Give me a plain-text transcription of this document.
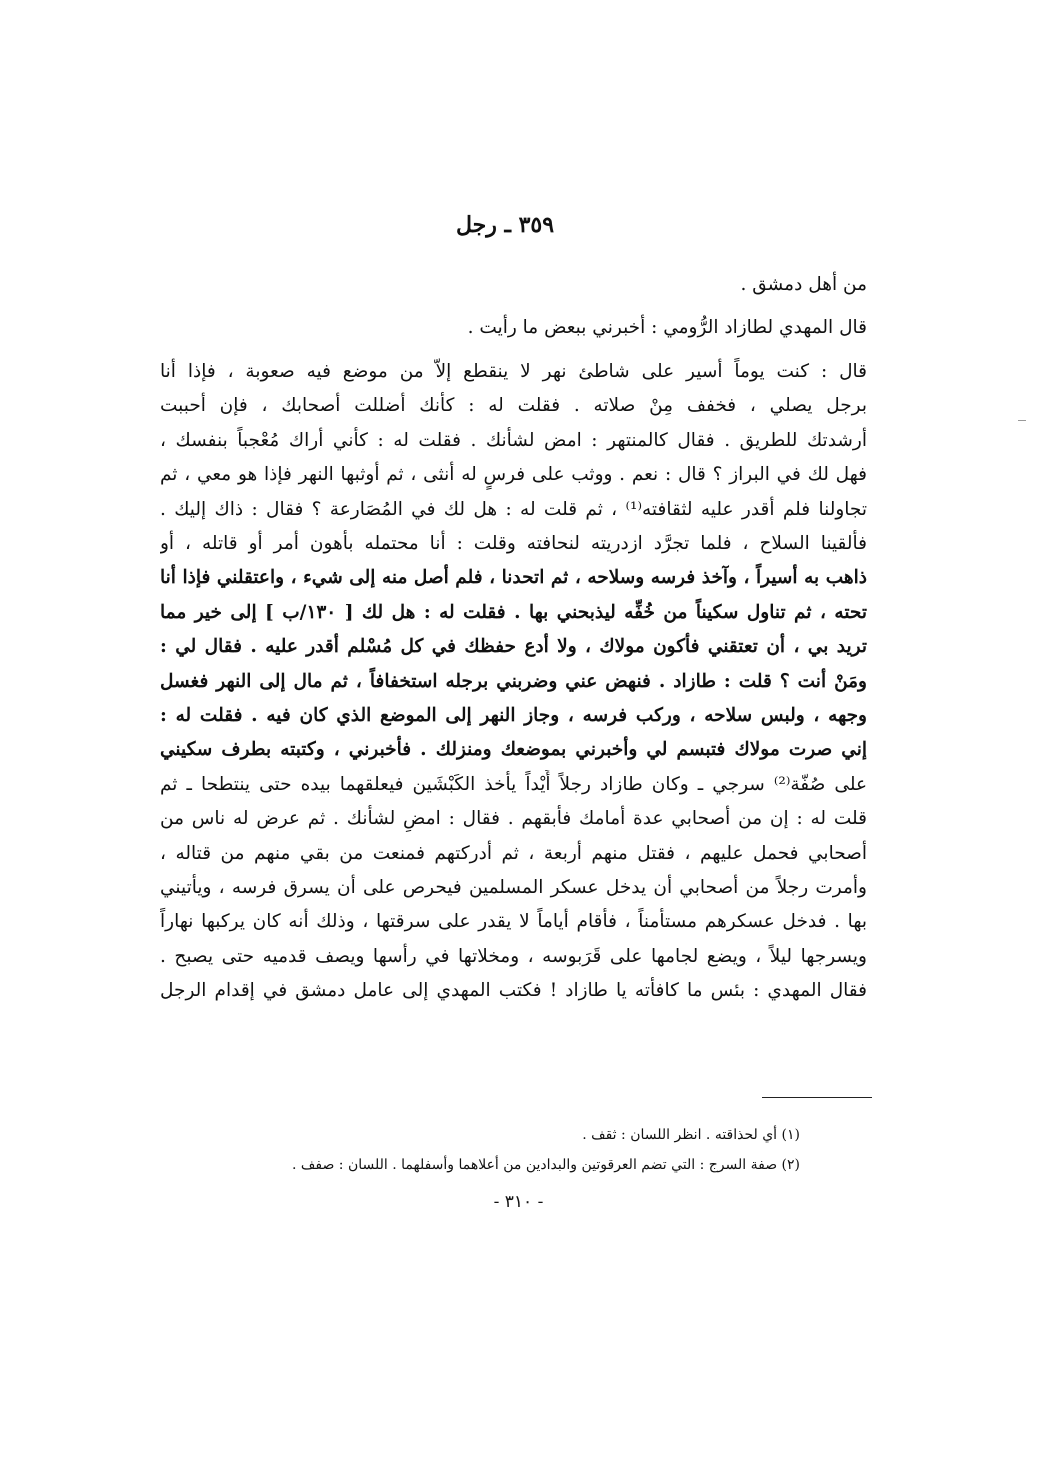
٣٥٩ ـ رجل
من أهل دمشق .
قال المهدي لطازاد الرُّومي : أخبرني ببعض ما رأيت .
قال : كنت يوماً أسير على شاطئ نهر لا ينقطع إلاّ من موضع فيه صعوبة ، فإذا أنا
برجل يصلي ، فخفف مِنْ صلاته . فقلت له : كأنك أضللت أصحابك ، فإن أحببت
أرشدتك للطريق . فقال كالمنتهر : امض لشأنك . فقلت له : كأني أراك مُعْجباً بنفسك ،
فهل لك في البراز ؟ قال : نعم . ووثب على فرسٍ له أنثى ، ثم أوثبها النهر فإذا هو معي ، ثم
تجاولنا فلم أقدر عليه لثقافته⁽¹⁾ ، ثم قلت له : هل لك في المُصَارعة ؟ فقال : ذاك إليك .
فألقينا السلاح ، فلما تجرَّد ازدريته لنحافته وقلت : أنا محتمله بأهون أمر أو قاتله ، أو
ذاهب به أسيراً ، وآخذ فرسه وسلاحه ، ثم اتحدنا ، فلم أصل منه إلى شيء ، واعتقلني فإذا أنا
تحته ، ثم تناول سكيناً من خُفِّه ليذبحني بها . فقلت له : هل لك [ ١٣٠/ب ] إلى خير مما
تريد بي ، أن تعتقني فأكون مولاك ، ولا أدع حفظك في كل مُسْلم أقدر عليه . فقال لي :
ومَنْ أنت ؟ قلت : طازاد . فنهض عني وضربني برجله استخفافاً ، ثم مال إلى النهر فغسل
وجهه ، ولبس سلاحه ، وركب فرسه ، وجاز النهر إلى الموضع الذي كان فيه . فقلت له :
إني صرت مولاك فتبسم لي وأخبرني بموضعك ومنزلك . فأخبرني ، وكتبته بطرف سكيني
على صُفّة⁽²⁾ سرجي ـ وكان طازاد رجلاً أَيْداً يأخذ الكَبْشَين فيعلقهما بيده حتى ينتطحا ـ ثم
قلت له : إن من أصحابي عدة أمامك فأبقهم . فقال : امضِ لشأنك . ثم عرض له ناس من
أصحابي فحمل عليهم ، فقتل منهم أربعة ، ثم أدركتهم فمنعت من بقي منهم من قتاله ،
وأمرت رجلاً من أصحابي أن يدخل عسكر المسلمين فيحرص على أن يسرق فرسه ، ويأتيني
بها . فدخل عسكرهم مستأمناً ، فأقام أياماً لا يقدر على سرقتها ، وذلك أنه كان يركبها نهاراً
ويسرجها ليلاً ، ويضع لجامها على قَرَبوسه ، ومخلاتها في رأسها ويصف قدميه حتى يصبح .
فقال المهدي : بئس ما كافأته يا طازاد ! فكتب المهدي إلى عامل دمشق في إقدام الرجل
(١) أي لحذاقته . انظر اللسان : ثقف .
(٢) صفة السرج : التي تضم العرقوتين والبدادين من أعلاهما وأسفلهما . اللسان : صفف .
- ٣١٠ -
